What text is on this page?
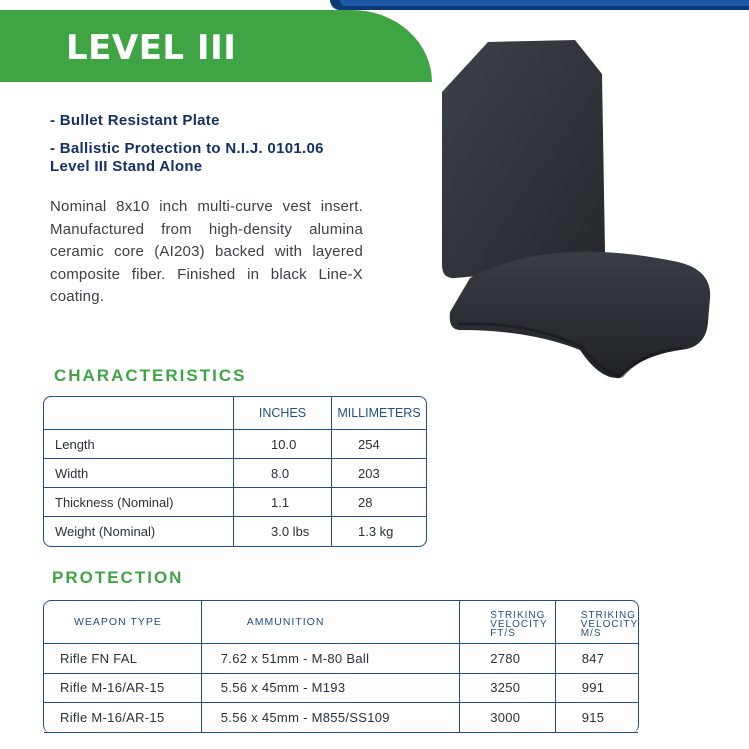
LEVEL III
- Bullet Resistant Plate
- Ballistic Protection to N.I.J. 0101.06
Level III Stand Alone
Nominal 8x10 inch multi-curve vest insert. Manufactured from high-density alumina ceramic core (AI203) backed with layered composite fiber. Finished in black Line-X coating.
CHARACTERISTICS
	INCHES	MILLIMETERS
Length	10.0	254
Width	8.0	203
Thickness (Nominal)	1.1	28
Weight (Nominal)	3.0 lbs	1.3 kg
PROTECTION
WEAPON TYPE	AMMUNITION	STRIKING VELOCITY FT/S	STRIKING VELOCITY M/S
Rifle FN FAL	7.62 x 51mm - M-80 Ball	2780	847
Rifle M-16/AR-15	5.56 x 45mm - M193	3250	991
Rifle M-16/AR-15	5.56 x 45mm - M855/SS109	3000	915
